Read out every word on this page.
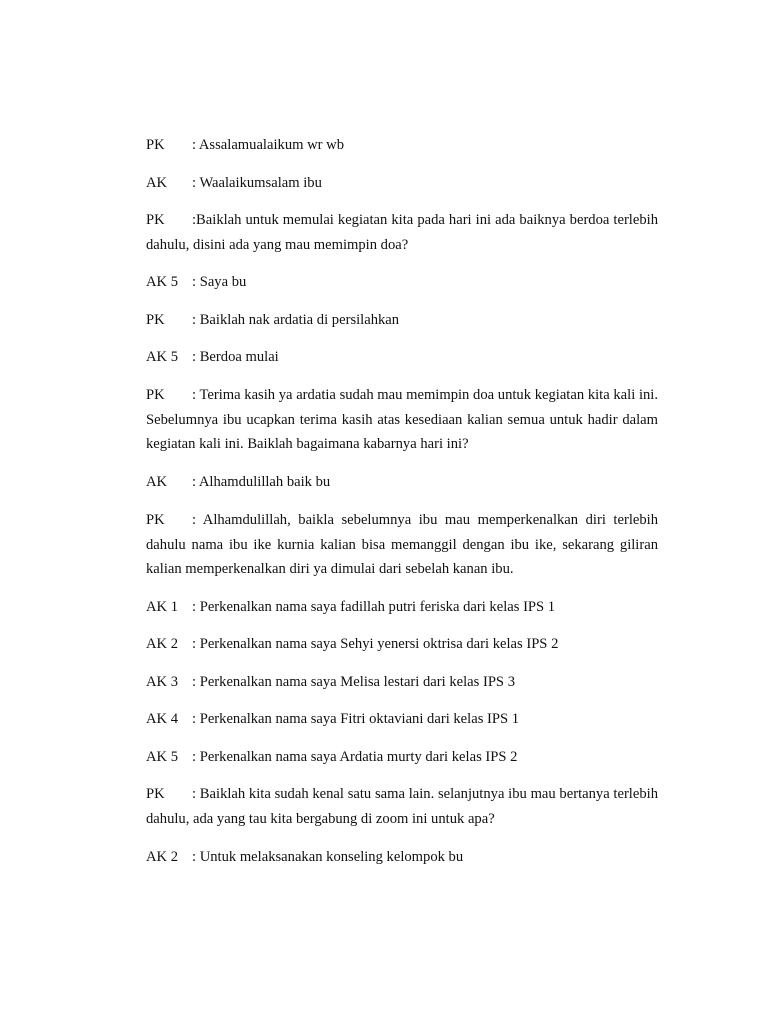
PK : Assalamualaikum wr wb

AK : Waalaikumsalam ibu

PK :Baiklah untuk memulai kegiatan kita pada hari ini ada baiknya berdoa terlebih dahulu, disini ada yang mau memimpin doa?

AK 5 : Saya bu

PK : Baiklah nak ardatia di persilahkan

AK 5 : Berdoa mulai

PK : Terima kasih ya ardatia sudah mau memimpin doa untuk kegiatan kita kali ini. Sebelumnya ibu ucapkan terima kasih atas kesediaan kalian semua untuk hadir dalam kegiatan kali ini. Baiklah bagaimana kabarnya hari ini?

AK : Alhamdulillah baik bu

PK : Alhamdulillah, baikla sebelumnya ibu mau memperkenalkan diri terlebih dahulu nama ibu ike kurnia kalian bisa memanggil dengan ibu ike, sekarang giliran kalian memperkenalkan diri ya dimulai dari sebelah kanan ibu.

AK 1 : Perkenalkan nama saya fadillah putri feriska dari kelas IPS 1

AK 2 : Perkenalkan nama saya Sehyi yenersi oktrisa dari kelas IPS 2

AK 3 : Perkenalkan nama saya Melisa lestari dari kelas IPS 3

AK 4 : Perkenalkan nama saya Fitri oktaviani dari kelas IPS 1

AK 5 : Perkenalkan nama saya Ardatia murty dari kelas IPS 2

PK : Baiklah kita sudah kenal satu sama lain. selanjutnya ibu mau bertanya terlebih dahulu, ada yang tau kita bergabung di zoom ini untuk apa?

AK 2 : Untuk melaksanakan konseling kelompok bu
